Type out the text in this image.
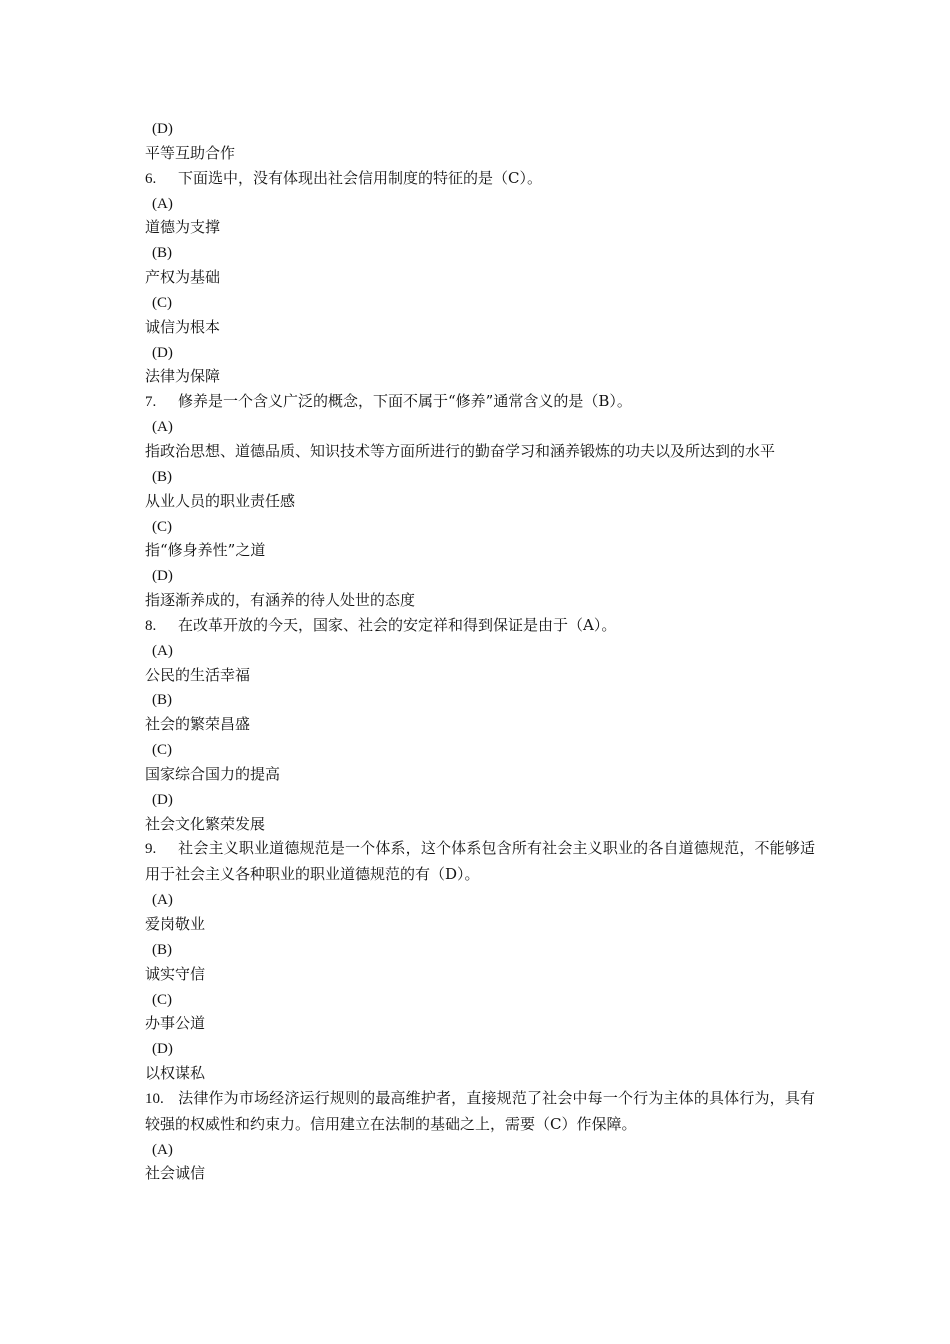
(D)
平等互助合作
6. 下面选中，没有体现出社会信用制度的特征的是（C）。
(A)
道德为支撑
(B)
产权为基础
(C)
诚信为根本
(D)
法律为保障
7. 修养是一个含义广泛的概念，下面不属于“修养”通常含义的是（B）。
(A)
指政治思想、道德品质、知识技术等方面所进行的勤奋学习和涵养锻炼的功夫以及所达到的水平
(B)
从业人员的职业责任感
(C)
指“修身养性”之道
(D)
指逐渐养成的，有涵养的待人处世的态度
8. 在改革开放的今天，国家、社会的安定祥和得到保证是由于（A）。
(A)
公民的生活幸福
(B)
社会的繁荣昌盛
(C)
国家综合国力的提高
(D)
社会文化繁荣发展
9. 社会主义职业道德规范是一个体系，这个体系包含所有社会主义职业的各自道德规范，不能够适用于社会主义各种职业的职业道德规范的有（D）。
(A)
爱岗敬业
(B)
诚实守信
(C)
办事公道
(D)
以权谋私
10. 法律作为市场经济运行规则的最高维护者，直接规范了社会中每一个行为主体的具体行为，具有较强的权威性和约束力。信用建立在法制的基础之上，需要（C）作保障。
(A)
社会诚信
